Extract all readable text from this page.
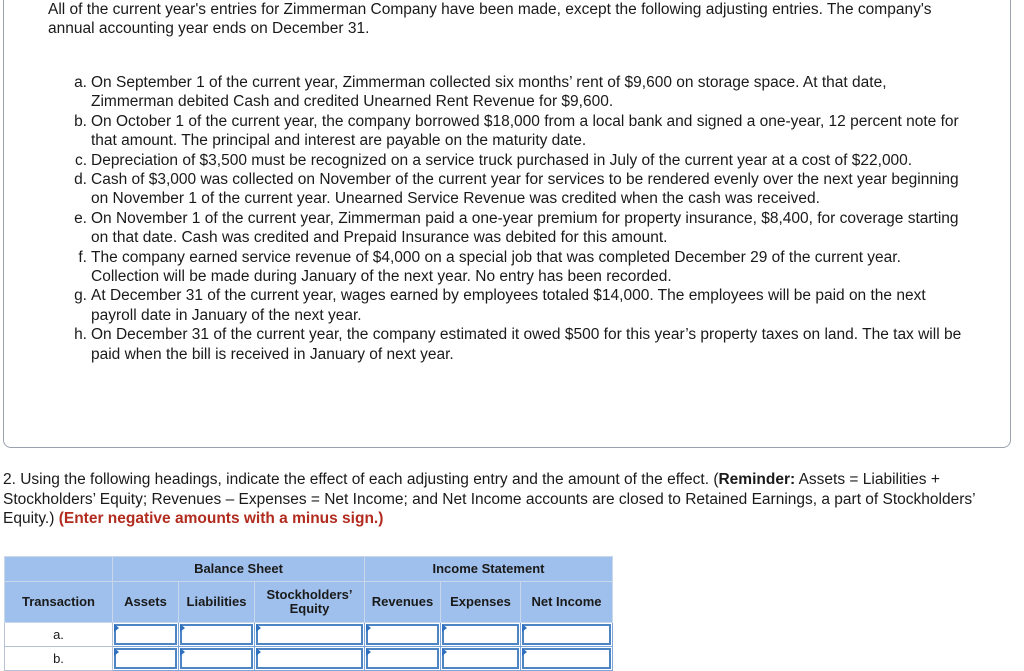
All of the current year's entries for Zimmerman Company have been made, except the following adjusting entries. The company's annual accounting year ends on December 31.

a. On September 1 of the current year, Zimmerman collected six months’ rent of $9,600 on storage space. At that date, Zimmerman debited Cash and credited Unearned Rent Revenue for $9,600.
b. On October 1 of the current year, the company borrowed $18,000 from a local bank and signed a one-year, 12 percent note for that amount. The principal and interest are payable on the maturity date.
c. Depreciation of $3,500 must be recognized on a service truck purchased in July of the current year at a cost of $22,000.
d. Cash of $3,000 was collected on November of the current year for services to be rendered evenly over the next year beginning on November 1 of the current year. Unearned Service Revenue was credited when the cash was received.
e. On November 1 of the current year, Zimmerman paid a one-year premium for property insurance, $8,400, for coverage starting on that date. Cash was credited and Prepaid Insurance was debited for this amount.
f. The company earned service revenue of $4,000 on a special job that was completed December 29 of the current year. Collection will be made during January of the next year. No entry has been recorded.
g. At December 31 of the current year, wages earned by employees totaled $14,000. The employees will be paid on the next payroll date in January of the next year.
h. On December 31 of the current year, the company estimated it owed $500 for this year’s property taxes on land. The tax will be paid when the bill is received in January of next year.

2. Using the following headings, indicate the effect of each adjusting entry and the amount of the effect. (Reminder: Assets = Liabilities + Stockholders’ Equity; Revenues – Expenses = Net Income; and Net Income accounts are closed to Retained Earnings, a part of Stockholders’ Equity.) (Enter negative amounts with a minus sign.)

	Balance Sheet			Income Statement		
Transaction	Assets	Liabilities	Stockholders’ Equity	Revenues	Expenses	Net Income
a.	

b.	
